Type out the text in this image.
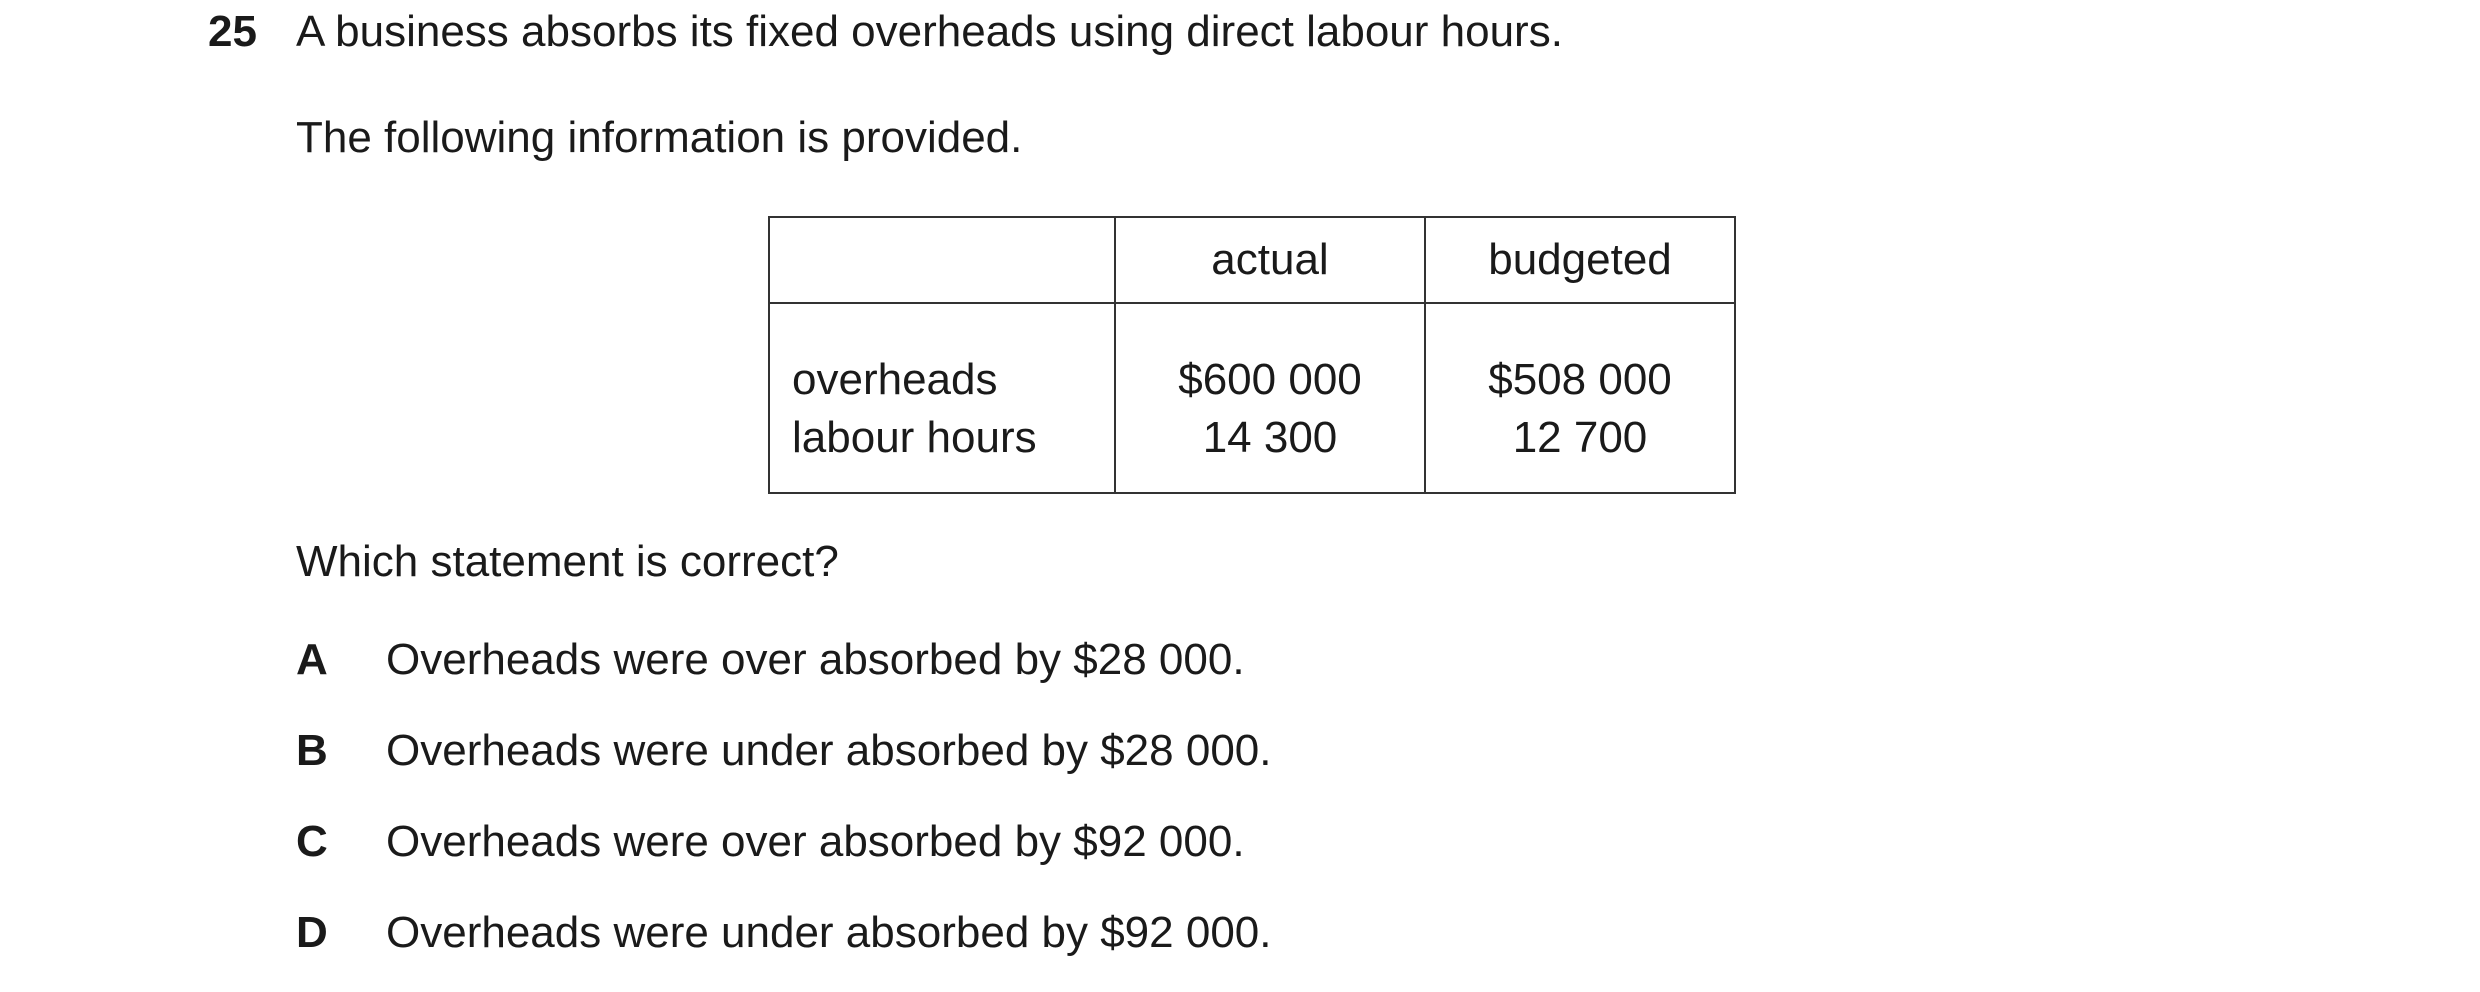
25 A business absorbs its fixed overheads using direct labour hours.
The following information is provided.
	actual	budgeted
overheads	$600 000	$508 000
labour hours	14 300	12 700
Which statement is correct?
A Overheads were over absorbed by $28 000.
B Overheads were under absorbed by $28 000.
C Overheads were over absorbed by $92 000.
D Overheads were under absorbed by $92 000.
